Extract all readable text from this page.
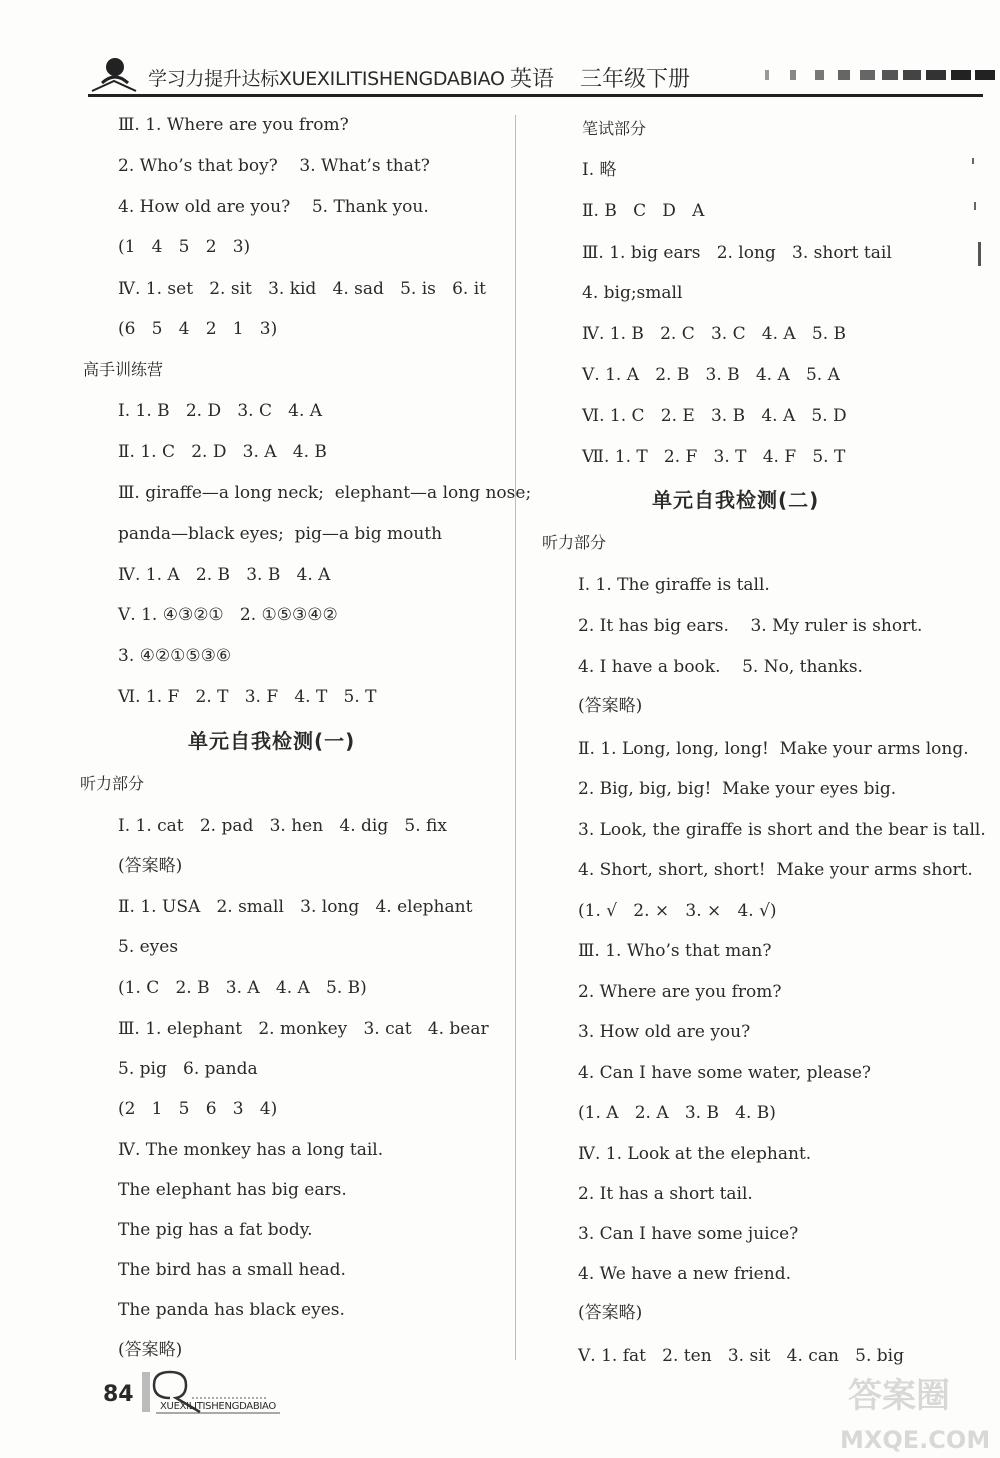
学习力提升达标XUEXILITISHENGDABIAO 英语 三年级下册
Ⅲ. 1. Where are you from?
2. Who’s that boy?    3. What’s that?
4. How old are you?    5. Thank you.
(1   4   5   2   3)
Ⅳ. 1. set   2. sit   3. kid   4. sad   5. is   6. it
(6   5   4   2   1   3)
高手训练营
Ⅰ. 1. B   2. D   3. C   4. A
Ⅱ. 1. C   2. D   3. A   4. B
Ⅲ. giraffe—a long neck;  elephant—a long nose;
panda—black eyes;  pig—a big mouth
Ⅳ. 1. A   2. B   3. B   4. A
Ⅴ. 1. ④③②①   2. ①⑤③④②
3. ④②①⑤③⑥
Ⅵ. 1. F   2. T   3. F   4. T   5. T
单元自我检测(一)
听力部分
Ⅰ. 1. cat   2. pad   3. hen   4. dig   5. fix
(答案略)
Ⅱ. 1. USA   2. small   3. long   4. elephant
5. eyes
(1. C   2. B   3. A   4. A   5. B)
Ⅲ. 1. elephant   2. monkey   3. cat   4. bear
5. pig   6. panda
(2   1   5   6   3   4)
Ⅳ. The monkey has a long tail.
The elephant has big ears.
The pig has a fat body.
The bird has a small head.
The panda has black eyes.
(答案略)
笔试部分
Ⅰ. 略
Ⅱ. B   C   D   A
Ⅲ. 1. big ears   2. long   3. short tail
4. big;small
Ⅳ. 1. B   2. C   3. C   4. A   5. B
Ⅴ. 1. A   2. B   3. B   4. A   5. A
Ⅵ. 1. C   2. E   3. B   4. A   5. D
Ⅶ. 1. T   2. F   3. T   4. F   5. T
单元自我检测(二)
听力部分
Ⅰ. 1. The giraffe is tall.
2. It has big ears.    3. My ruler is short.
4. I have a book.    5. No, thanks.
(答案略)
Ⅱ. 1. Long, long, long!  Make your arms long.
2. Big, big, big!  Make your eyes big.
3. Look, the giraffe is short and the bear is tall.
4. Short, short, short!  Make your arms short.
(1. √   2. ×   3. ×   4. √)
Ⅲ. 1. Who’s that man?
2. Where are you from?
3. How old are you?
4. Can I have some water, please?
(1. A   2. A   3. B   4. B)
Ⅳ. 1. Look at the elephant.
2. It has a short tail.
3. Can I have some juice?
4. We have a new friend.
(答案略)
Ⅴ. 1. fat   2. ten   3. sit   4. can   5. big
84	XUEXILITISHENGDABIAO	答案圈
MXQE.COM
